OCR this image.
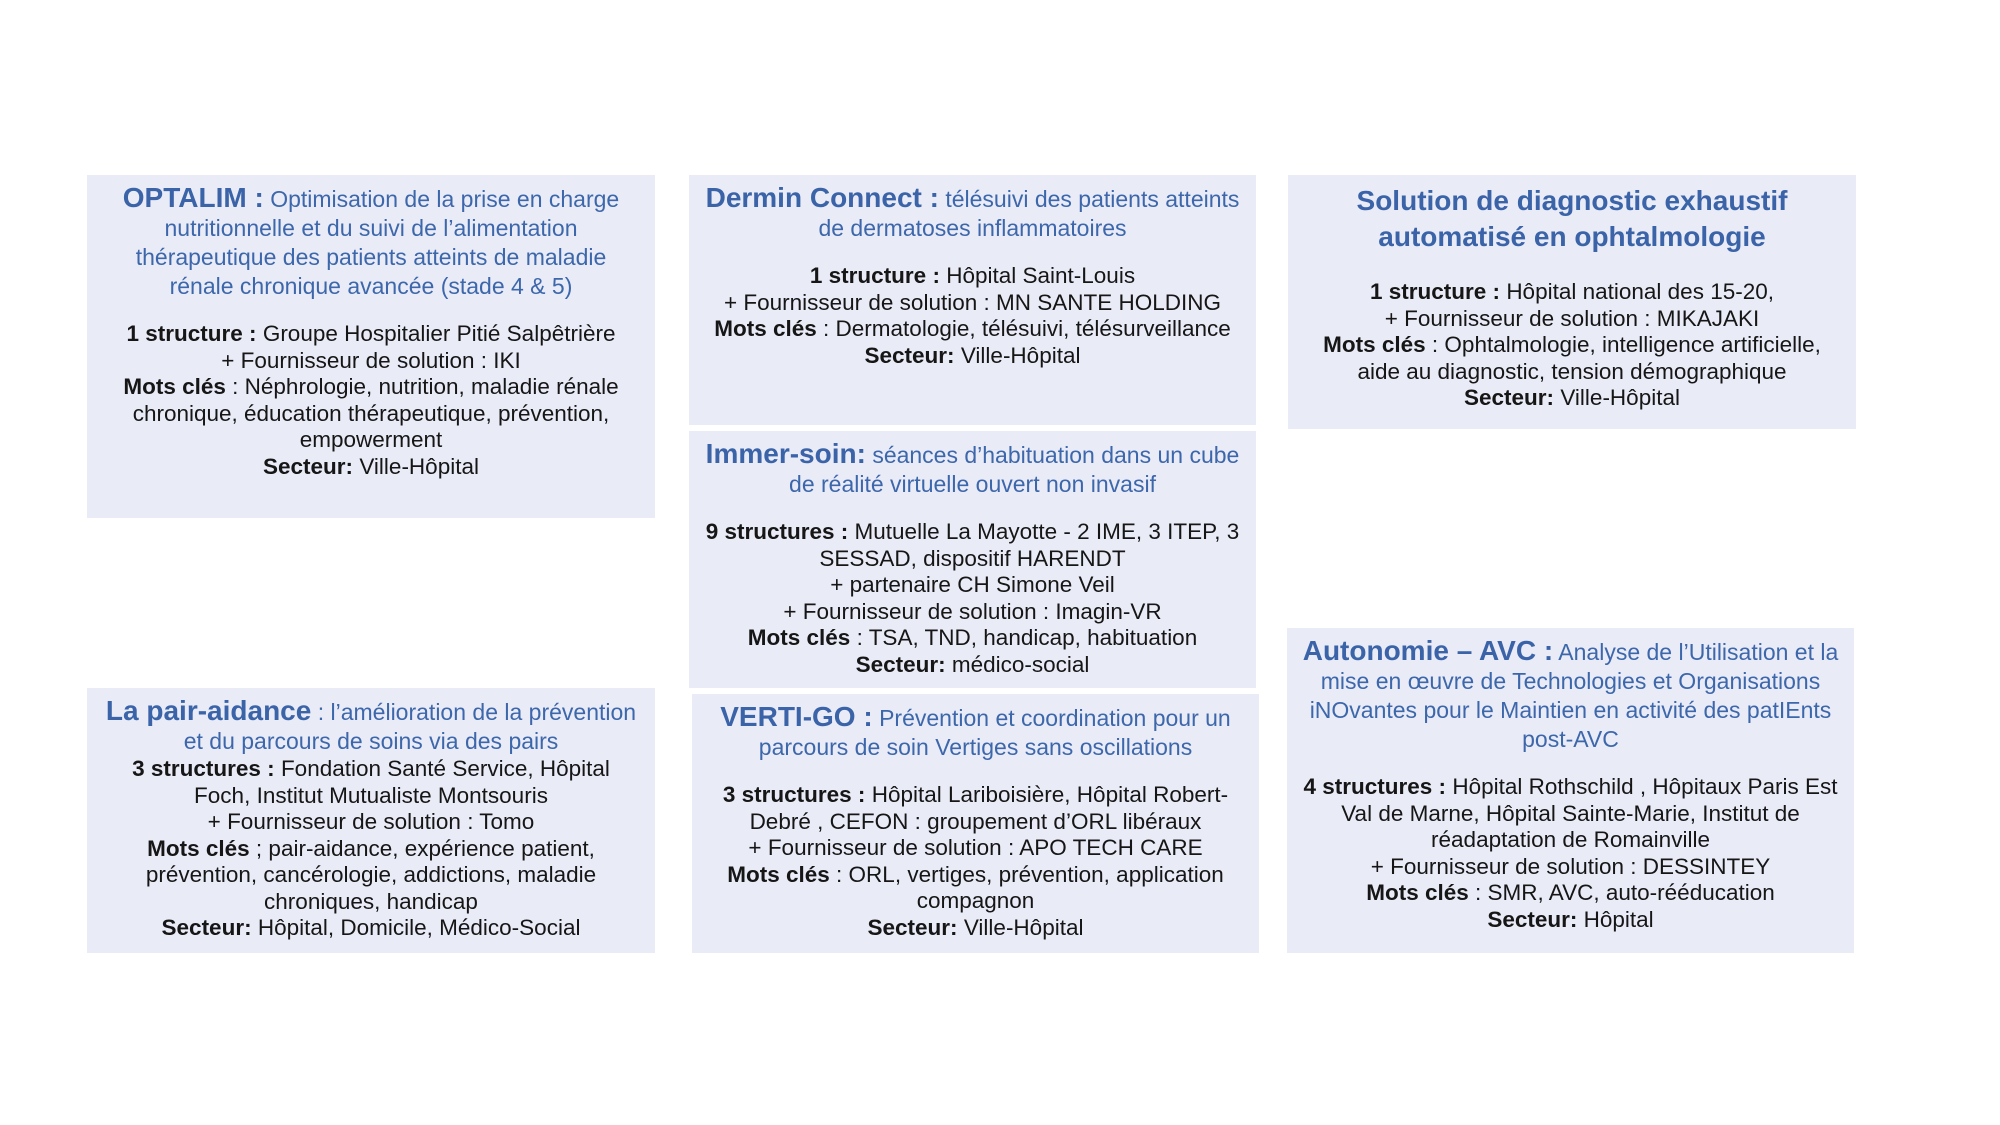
OPTALIM : Optimisation de la prise en charge nutritionnelle et du suivi de l’alimentation thérapeutique des patients atteints de maladie rénale chronique avancée (stade 4 & 5)

1 structure : Groupe Hospitalier Pitié Salpêtrière

+ Fournisseur de solution : IKI

Mots clés : Néphrologie, nutrition, maladie rénale chronique, éducation thérapeutique, prévention, empowerment

Secteur: Ville-Hôpital

Dermin Connect : télésuivi des patients atteints de dermatoses inflammatoires

1 structure : Hôpital Saint-Louis

+ Fournisseur de solution : MN SANTE HOLDING

Mots clés : Dermatologie, télésuivi, télésurveillance

Secteur: Ville-Hôpital

Solution de diagnostic exhaustif automatisé en ophtalmologie

1 structure : Hôpital national des 15-20,

+ Fournisseur de solution : MIKAJAKI

Mots clés : Ophtalmologie, intelligence artificielle, aide au diagnostic, tension démographique

Secteur: Ville-Hôpital

Immer-soin: séances d’habituation dans un cube de réalité virtuelle ouvert non invasif

9 structures : Mutuelle La Mayotte - 2 IME, 3 ITEP, 3 SESSAD, dispositif HARENDT

+ partenaire CH Simone Veil

+ Fournisseur de solution : Imagin-VR

Mots clés : TSA, TND, handicap, habituation

Secteur: médico-social

La pair-aidance : l’amélioration de la prévention et du parcours de soins via des pairs

3 structures : Fondation Santé Service, Hôpital Foch, Institut Mutualiste Montsouris

+ Fournisseur de solution : Tomo

Mots clés ; pair-aidance, expérience patient, prévention, cancérologie, addictions, maladie chroniques, handicap

Secteur: Hôpital, Domicile, Médico-Social

VERTI-GO : Prévention et coordination pour un parcours de soin Vertiges sans oscillations

3 structures : Hôpital Lariboisière, Hôpital Robert-Debré , CEFON : groupement d’ORL libéraux

+ Fournisseur de solution : APO TECH CARE

Mots clés : ORL, vertiges, prévention, application compagnon

Secteur: Ville-Hôpital

Autonomie – AVC : Analyse de l’Utilisation et la mise en œuvre de Technologies et Organisations iNOvantes pour le Maintien en activité des patIEnts post-AVC

4 structures : Hôpital Rothschild , Hôpitaux Paris Est Val de Marne, Hôpital Sainte-Marie, Institut de réadaptation de Romainville

+ Fournisseur de solution : DESSINTEY

Mots clés : SMR, AVC, auto-rééducation

Secteur: Hôpital
